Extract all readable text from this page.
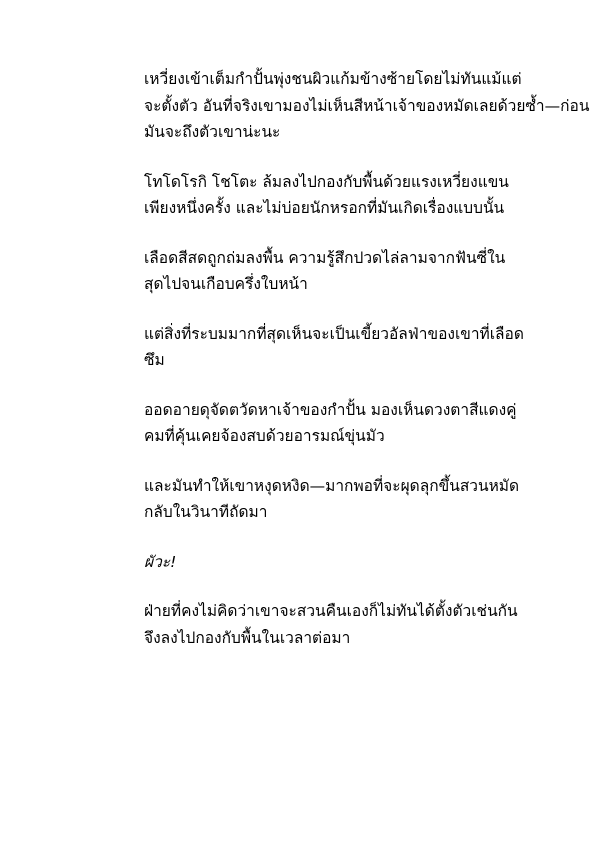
เหวี่ยงเข้าเต็มกำปั้นพุ่งชนผิวแก้มข้างซ้ายโดยไม่ทันแม้แต่
จะตั้งตัว อันที่จริงเขามองไม่เห็นสีหน้าเจ้าของหมัดเลยด้วยซ้ำ—ก่อน
มันจะถึงตัวเขาน่ะนะ

โทโดโรกิ โชโตะ ล้มลงไปกองกับพื้นด้วยแรงเหวี่ยงแขน
เพียงหนึ่งครั้ง และไม่บ่อยนักหรอกที่มันเกิดเรื่องแบบนั้น

เลือดสีสดถูกถ่มลงพื้น ความรู้สึกปวดไล่ลามจากฟันซี่ใน
สุดไปจนเกือบครึ่งใบหน้า

แต่สิ่งที่ระบมมากที่สุดเห็นจะเป็นเขี้ยวอัลฟ่าของเขาที่เลือด
ซึม

ออดอายดุจัดตวัดหาเจ้าของกำปั้น มองเห็นดวงตาสีแดงคู่
คมที่คุ้นเคยจ้องสบด้วยอารมณ์ขุ่นมัว

และมันทำให้เขาหงุดหงิด—มากพอที่จะผุดลุกขึ้นสวนหมัด
กลับในวินาทีถัดมา

ผัวะ!

ฝ่ายที่คงไม่คิดว่าเขาจะสวนคืนเองก็ไม่ทันได้ตั้งตัวเช่นกัน
จึงลงไปกองกับพื้นในเวลาต่อมา
